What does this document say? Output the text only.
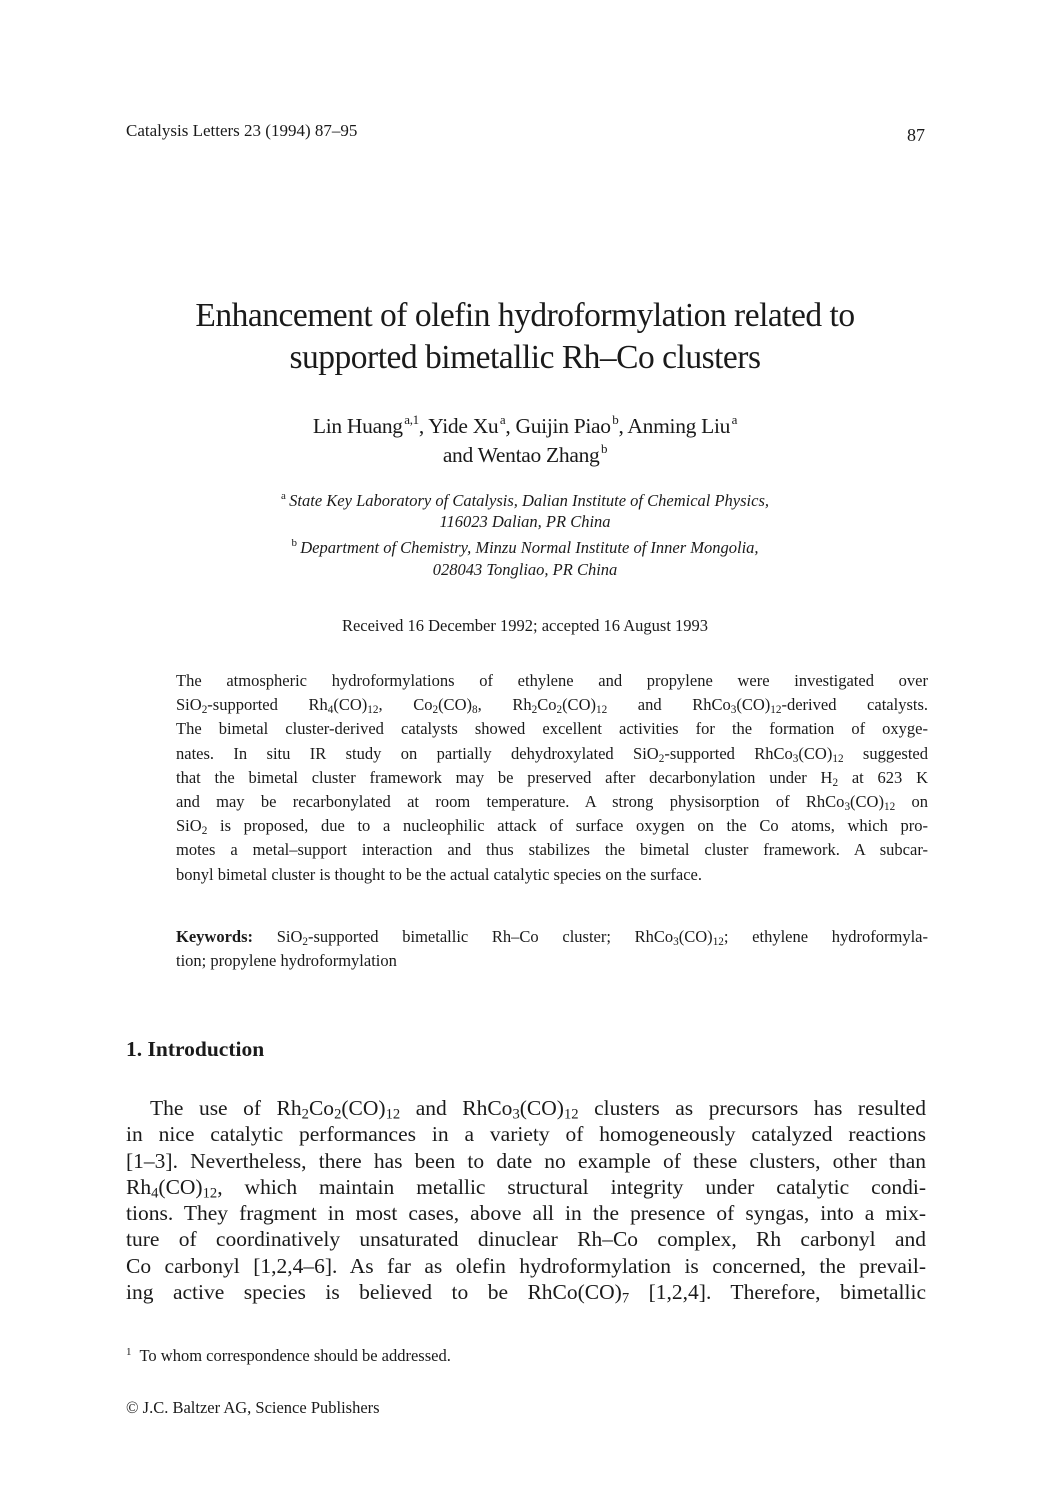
Catalysis Letters 23 (1994) 87–95	87

Enhancement of olefin hydroformylation related to
supported bimetallic Rh–Co clusters
Lin Huang  $^{a,1}$, Yide Xu  $^a$, Guijin Piao  $^b$, Anming Liu  $^a$
and Wentao Zhang  $^b$
$^a$  State Key Laboratory of Catalysis, Dalian Institute of Chemical Physics,
116023 Dalian, PR China
$^b$  Department of Chemistry, Minzu Normal Institute of Inner Mongolia,
028043 Tongliao, PR China
Received 16 December 1992; accepted 16 August 1993
The atmospheric hydroformylations of ethylene and propylene were investigated over
SiO$_2$-supported $Rh_4(CO)_{12}$, $Co_2(CO)_8$, $Rh_2Co_2(CO)_{12}$ and $RhCo_3(CO)_{12}$-derived catalysts.
The bimetal cluster-derived catalysts showed excellent activities for the formation of oxyge-
nates. In situ IR study on partially dehydroxylated SiO$_2$-supported $RhCo_3(CO)_{12}$ suggested
that the bimetal cluster framework may be preserved after decarbonylation under $H_2$ at 623 K
and may be recarbonylated at room temperature. A strong physisorption of $RhCo_3(CO)_{12}$ on
SiO$_2$ is proposed, due to a nucleophilic attack of surface oxygen on the Co atoms, which pro-
motes a metal–support interaction and thus stabilizes the bimetal cluster framework. A subcar-
bonyl bimetal cluster is thought to be the actual catalytic species on the surface.
Keywords: SiO$_2$-supported bimetallic Rh–Co cluster; $RhCo_3(CO)_{12}$; ethylene hydroformyla-
tion; propylene hydroformylation
1. Introduction
The use of $Rh_2Co_2(CO)_{12}$ and $RhCo_3(CO)_{12}$ clusters as precursors has resulted
in nice catalytic performances in a variety of homogeneously catalyzed reactions
[1–3]. Nevertheless, there has been to date no example of these clusters, other than
$Rh_4(CO)_{12}$, which maintain metallic structural integrity under catalytic condi-
tions. They fragment in most cases, above all in the presence of syngas, into a mix-
ture of coordinatively unsaturated dinuclear Rh–Co complex, Rh carbonyl and
Co carbonyl [1,2,4–6]. As far as olefin hydroformylation is concerned, the prevail-
ing active species is believed to be $RhCo(CO)_7$ [1,2,4]. Therefore, bimetallic
$^1$ To whom correspondence should be addressed.
© J.C. Baltzer AG, Science Publishers
